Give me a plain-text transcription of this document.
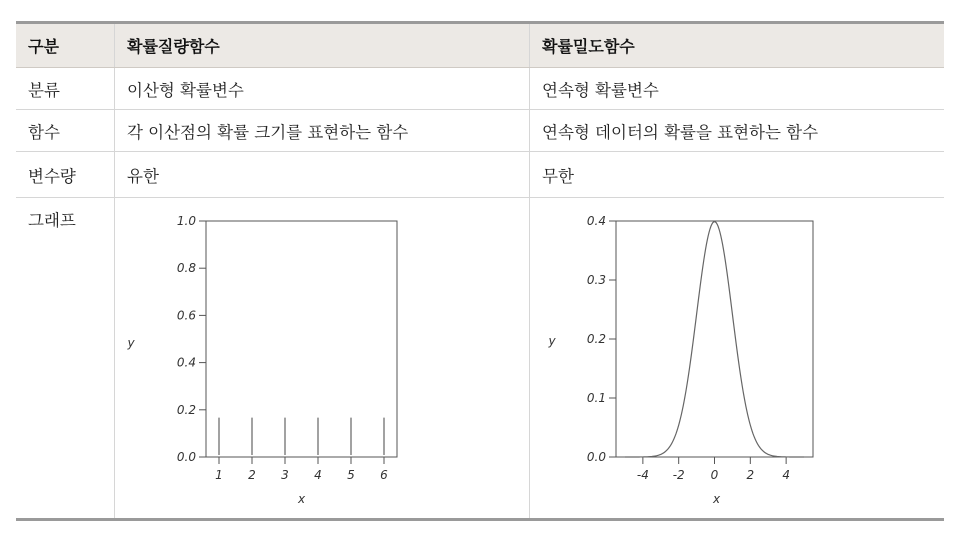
구분	확률질량함수	확률밀도함수
분류	이산형 확률변수	연속형 확률변수
함수	각 이산점의 확률 크기를 표현하는 함수	연속형 데이터의 확률을 표현하는 함수
변수량	유한	무한
그래프
0.0
0.2
0.4
0.6
0.8
1.0
1 2 3 4 5 6
x
y
0.0
0.1
0.2
0.3
0.4
-4 -2 0 2 4
x
y
